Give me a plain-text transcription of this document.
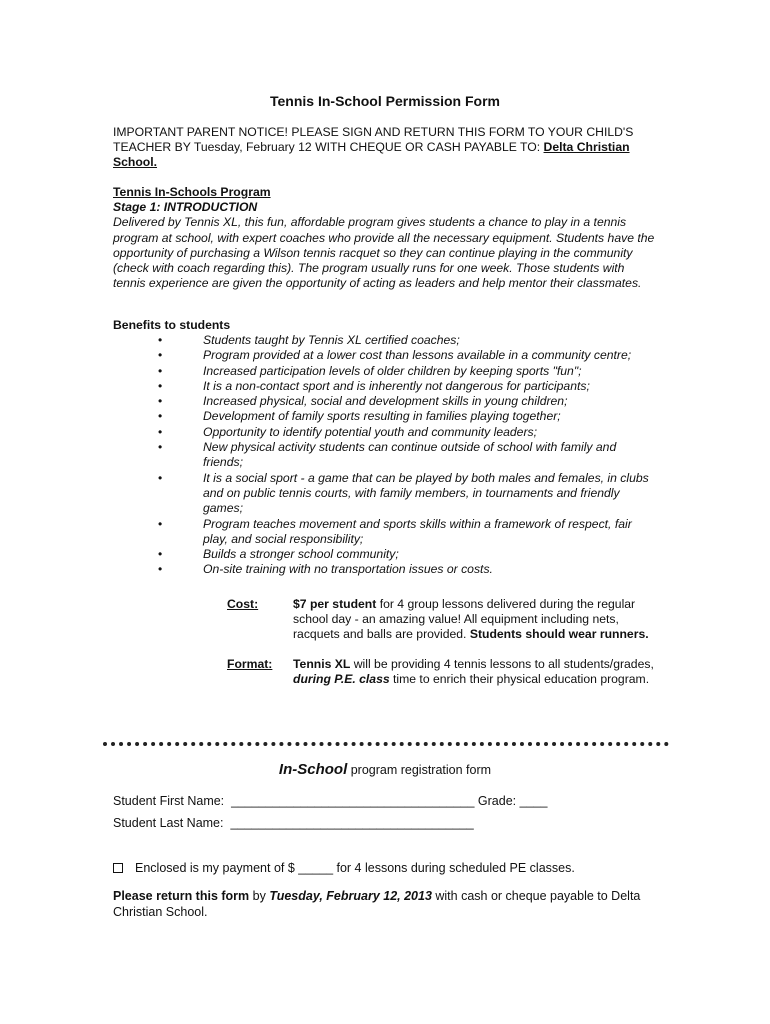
Tennis In-School Permission Form
IMPORTANT PARENT NOTICE! PLEASE SIGN AND RETURN THIS FORM TO YOUR CHILD'S TEACHER BY Tuesday, February 12 WITH CHEQUE OR CASH PAYABLE TO: Delta Christian School.
Tennis In-Schools Program
Stage 1: INTRODUCTION
Delivered by Tennis XL, this fun, affordable program gives students a chance to play in a tennis program at school, with expert coaches who provide all the necessary equipment. Students have the opportunity of purchasing a Wilson tennis racquet so they can continue playing in the community (check with coach regarding this). The program usually runs for one week. Those students with tennis experience are given the opportunity of acting as leaders and help mentor their classmates.
Benefits to students
• Students taught by Tennis XL certified coaches;
• Program provided at a lower cost than lessons available in a community centre;
• Increased participation levels of older children by keeping sports "fun";
• It is a non-contact sport and is inherently not dangerous for participants;
• Increased physical, social and development skills in young children;
• Development of family sports resulting in families playing together;
• Opportunity to identify potential youth and community leaders;
• New physical activity students can continue outside of school with family and friends;
• It is a social sport - a game that can be played by both males and females, in clubs and on public tennis courts, with family members, in tournaments and friendly games;
• Program teaches movement and sports skills within a framework of respect, fair play, and social responsibility;
• Builds a stronger school community;
• On-site training with no transportation issues or costs.
Cost:	$7 per student for 4 group lessons delivered during the regular school day - an amazing value! All equipment including nets, racquets and balls are provided. Students should wear runners.
Format: Tennis XL will be providing 4 tennis lessons to all students/grades, during P.E. class time to enrich their physical education program.
In-School program registration form
Student First Name: ___________________________________ Grade: ____
Student Last Name: ___________________________________
Enclosed is my payment of $ _____ for 4 lessons during scheduled PE classes.
Please return this form by Tuesday, February 12, 2013 with cash or cheque payable to Delta Christian School.
